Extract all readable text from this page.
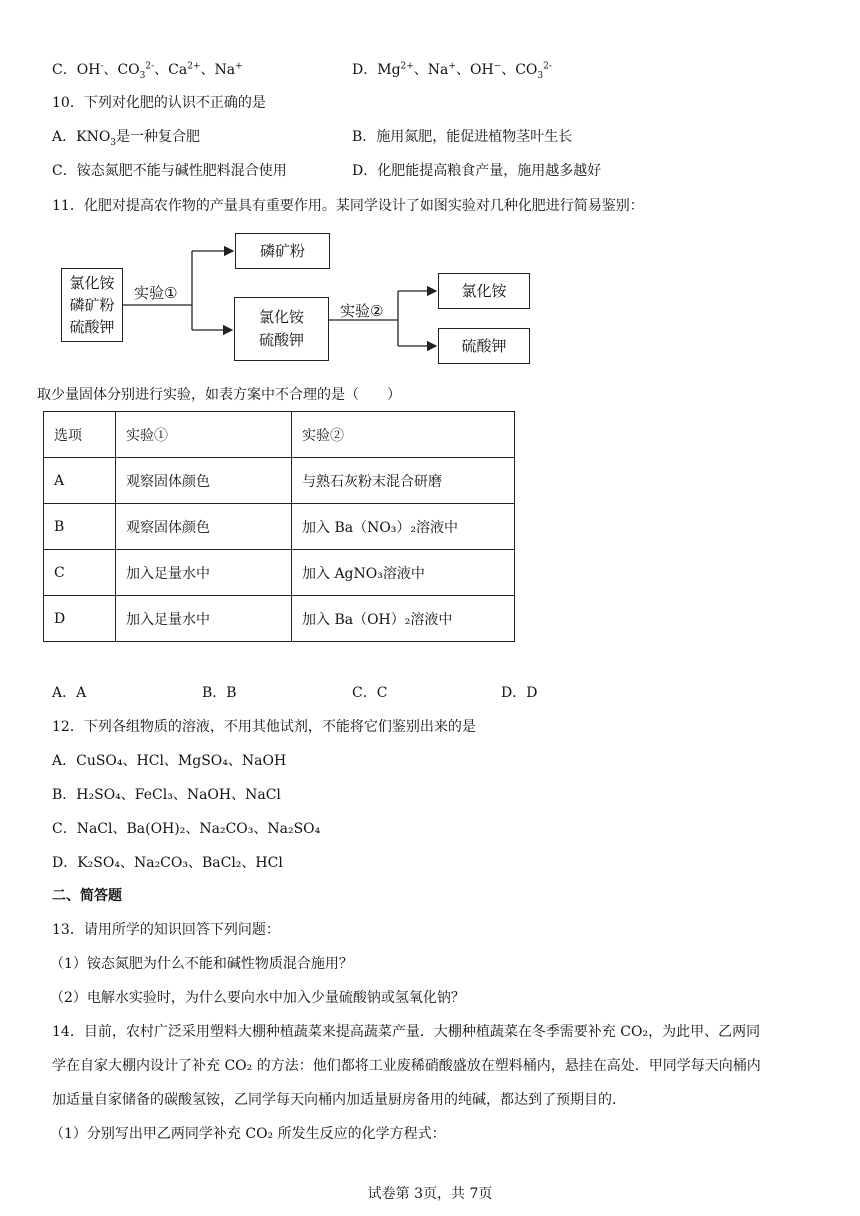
C．OH-、$CO_3^{2-}$、$Ca^{2+}$、Na+	D．$Mg^{2+}$、Na+、OH−、$CO_3^{2-}$
10．下列对化肥的认识不正确的是
A．$KNO_3$是一种复合肥	B．施用氮肥，能促进植物茎叶生长
C．铵态氮肥不能与碱性肥料混合使用	D．化肥能提高粮食产量，施用越多越好
11．化肥对提高农作物的产量具有重要作用。某同学设计了如图实验对几种化肥进行简易鉴别：
氯化铵
磷矿粉
硫酸钾
实验①
磷矿粉
氯化铵
硫酸钾
实验②
氯化铵
硫酸钾
取少量固体分别进行实验，如表方案中不合理的是（　　）
选项	实验①	实验②
A	观察固体颜色	与熟石灰粉末混合研磨
B	观察固体颜色	加入 Ba（NO₃）₂溶液中
C	加入足量水中	加入 AgNO₃溶液中
D	加入足量水中	加入 Ba（OH）₂溶液中
A．A	B．B	C．C	D．D
12．下列各组物质的溶液，不用其他试剂，不能将它们鉴别出来的是
A．CuSO₄、HCl、MgSO₄、NaOH
B．H₂SO₄、FeCl₃、NaOH、NaCl
C．NaCl、Ba(OH)₂、Na₂CO₃、Na₂SO₄
D．K₂SO₄、Na₂CO₃、BaCl₂、HCl
二、简答题
13．请用所学的知识回答下列问题：
（1）铵态氮肥为什么不能和碱性物质混合施用？
（2）电解水实验时，为什么要向水中加入少量硫酸钠或氢氧化钠？
14．目前，农村广泛采用塑料大棚种植蔬菜来提高蔬菜产量．大棚种植蔬菜在冬季需要补充 CO₂，为此甲、乙两同
学在自家大棚内设计了补充 CO₂ 的方法：他们都将工业废稀硝酸盛放在塑料桶内，悬挂在高处．甲同学每天向桶内
加适量自家储备的碳酸氢铵，乙同学每天向桶内加适量厨房备用的纯碱，都达到了预期目的．
（1）分别写出甲乙两同学补充 CO₂ 所发生反应的化学方程式：
试卷第 3页，共 7页
